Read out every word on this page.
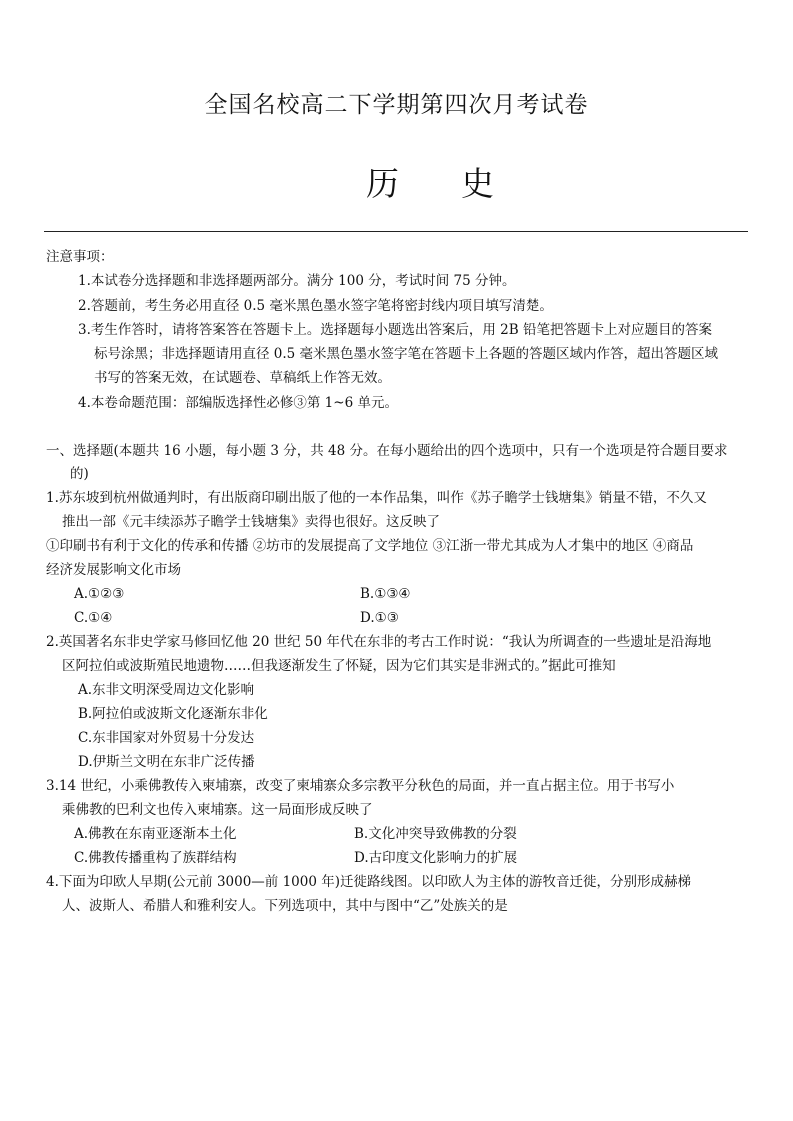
全国名校高二下学期第四次月考试卷
历 史
注意事项：
1.本试卷分选择题和非选择题两部分。满分 100 分，考试时间 75 分钟。
2.答题前，考生务必用直径 0.5 毫米黑色墨水签字笔将密封线内项目填写清楚。
3.考生作答时，请将答案答在答题卡上。选择题每小题选出答案后，用 2B 铅笔把答题卡上对应题目的答案
标号涂黑；非选择题请用直径 0.5 毫米黑色墨水签字笔在答题卡上各题的答题区域内作答，超出答题区域
书写的答案无效，在试题卷、草稿纸上作答无效。
4.本卷命题范围：部编版选择性必修③第 1~6 单元。
一、选择题(本题共 16 小题，每小题 3 分，共 48 分。在每小题给出的四个选项中，只有一个选项是符合题目要求
的)
1.苏东坡到杭州做通判时，有出版商印刷出版了他的一本作品集，叫作《苏子瞻学士钱塘集》销量不错，不久又
推出一部《元丰续添苏子瞻学士钱塘集》卖得也很好。这反映了
①印刷书有利于文化的传承和传播 ②坊市的发展提高了文学地位 ③江浙一带尤其成为人才集中的地区 ④商品
经济发展影响文化市场
A.①②③	B.①③④
C.①④	D.①③
2.英国著名东非史学家马修回忆他 20 世纪 50 年代在东非的考古工作时说：“我认为所调查的一些遗址是沿海地
区阿拉伯或波斯殖民地遗物……但我逐渐发生了怀疑，因为它们其实是非洲式的。”据此可推知
A.东非文明深受周边文化影响
B.阿拉伯或波斯文化逐渐东非化
C.东非国家对外贸易十分发达
D.伊斯兰文明在东非广泛传播
3.14 世纪，小乘佛教传入柬埔寨，改变了柬埔寨众多宗教平分秋色的局面，并一直占据主位。用于书写小
乘佛教的巴利文也传入柬埔寨。这一局面形成反映了
A.佛教在东南亚逐渐本土化	B.文化冲突导致佛教的分裂
C.佛教传播重构了族群结构	D.古印度文化影响力的扩展
4.下面为印欧人早期(公元前 3000—前 1000 年)迁徙路线图。以印欧人为主体的游牧音迁徙，分别形成赫梯
人、波斯人、希腊人和雅利安人。下列选项中，其中与图中“乙”处族关的是
